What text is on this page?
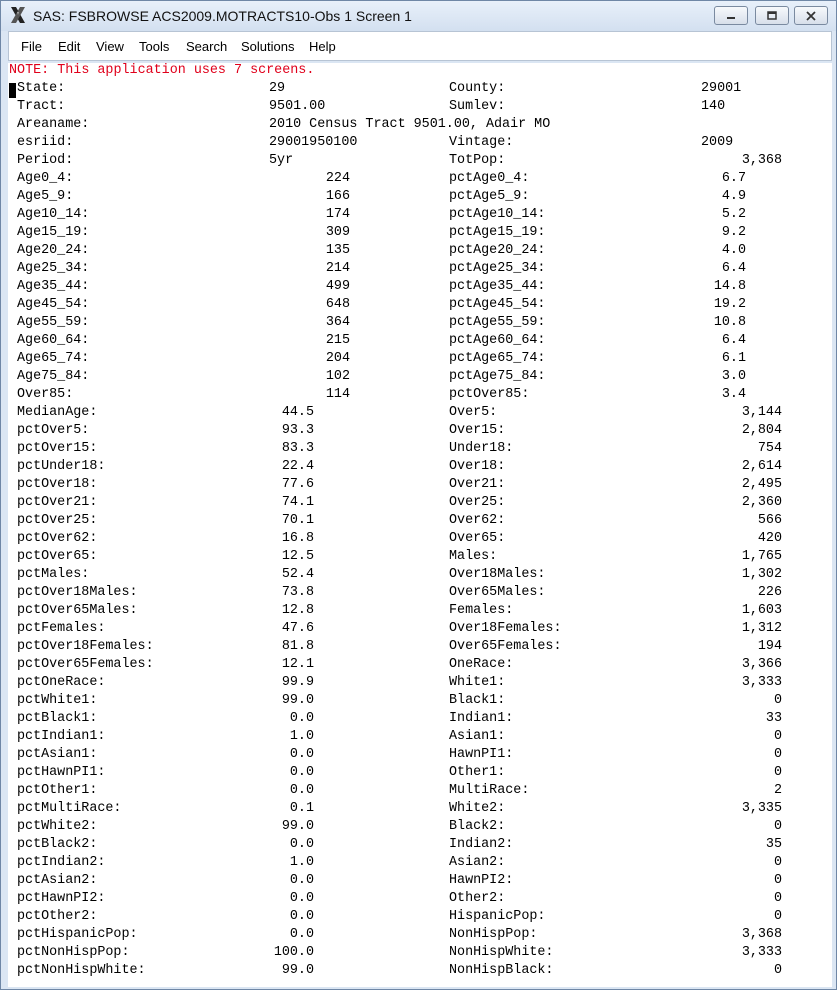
SAS: FSBROWSE ACS2009.MOTRACTS10-Obs 1 Screen 1
File Edit View Tools Search Solutions Help

NOTE: This application uses 7 screens.

State:	29	County:	29001
Tract:	9501.00	Sumlev:	140
Areaname:	2010 Census Tract 9501.00, Adair MO
esriid:	29001950100	Vintage:	2009
Period:	5yr	TotPop:	3,368
Age0_4:	224	pctAge0_4:	6.7
Age5_9:	166	pctAge5_9:	4.9
Age10_14:	174	pctAge10_14:	5.2
Age15_19:	309	pctAge15_19:	9.2
Age20_24:	135	pctAge20_24:	4.0
Age25_34:	214	pctAge25_34:	6.4
Age35_44:	499	pctAge35_44:	14.8
Age45_54:	648	pctAge45_54:	19.2
Age55_59:	364	pctAge55_59:	10.8
Age60_64:	215	pctAge60_64:	6.4
Age65_74:	204	pctAge65_74:	6.1
Age75_84:	102	pctAge75_84:	3.0
Over85:	114	pctOver85:	3.4
MedianAge:	44.5	Over5:	3,144
pctOver5:	93.3	Over15:	2,804
pctOver15:	83.3	Under18:	754
pctUnder18:	22.4	Over18:	2,614
pctOver18:	77.6	Over21:	2,495
pctOver21:	74.1	Over25:	2,360
pctOver25:	70.1	Over62:	566
pctOver62:	16.8	Over65:	420
pctOver65:	12.5	Males:	1,765
pctMales:	52.4	Over18Males:	1,302
pctOver18Males:	73.8	Over65Males:	226
pctOver65Males:	12.8	Females:	1,603
pctFemales:	47.6	Over18Females:	1,312
pctOver18Females:	81.8	Over65Females:	194
pctOver65Females:	12.1	OneRace:	3,366
pctOneRace:	99.9	White1:	3,333
pctWhite1:	99.0	Black1:	0
pctBlack1:	0.0	Indian1:	33
pctIndian1:	1.0	Asian1:	0
pctAsian1:	0.0	HawnPI1:	0
pctHawnPI1:	0.0	Other1:	0
pctOther1:	0.0	MultiRace:	2
pctMultiRace:	0.1	White2:	3,335
pctWhite2:	99.0	Black2:	0
pctBlack2:	0.0	Indian2:	35
pctIndian2:	1.0	Asian2:	0
pctAsian2:	0.0	HawnPI2:	0
pctHawnPI2:	0.0	Other2:	0
pctOther2:	0.0	HispanicPop:	0
pctHispanicPop:	0.0	NonHispPop:	3,368
pctNonHispPop:	100.0	NonHispWhite:	3,333
pctNonHispWhite:	99.0	NonHispBlack:	0
